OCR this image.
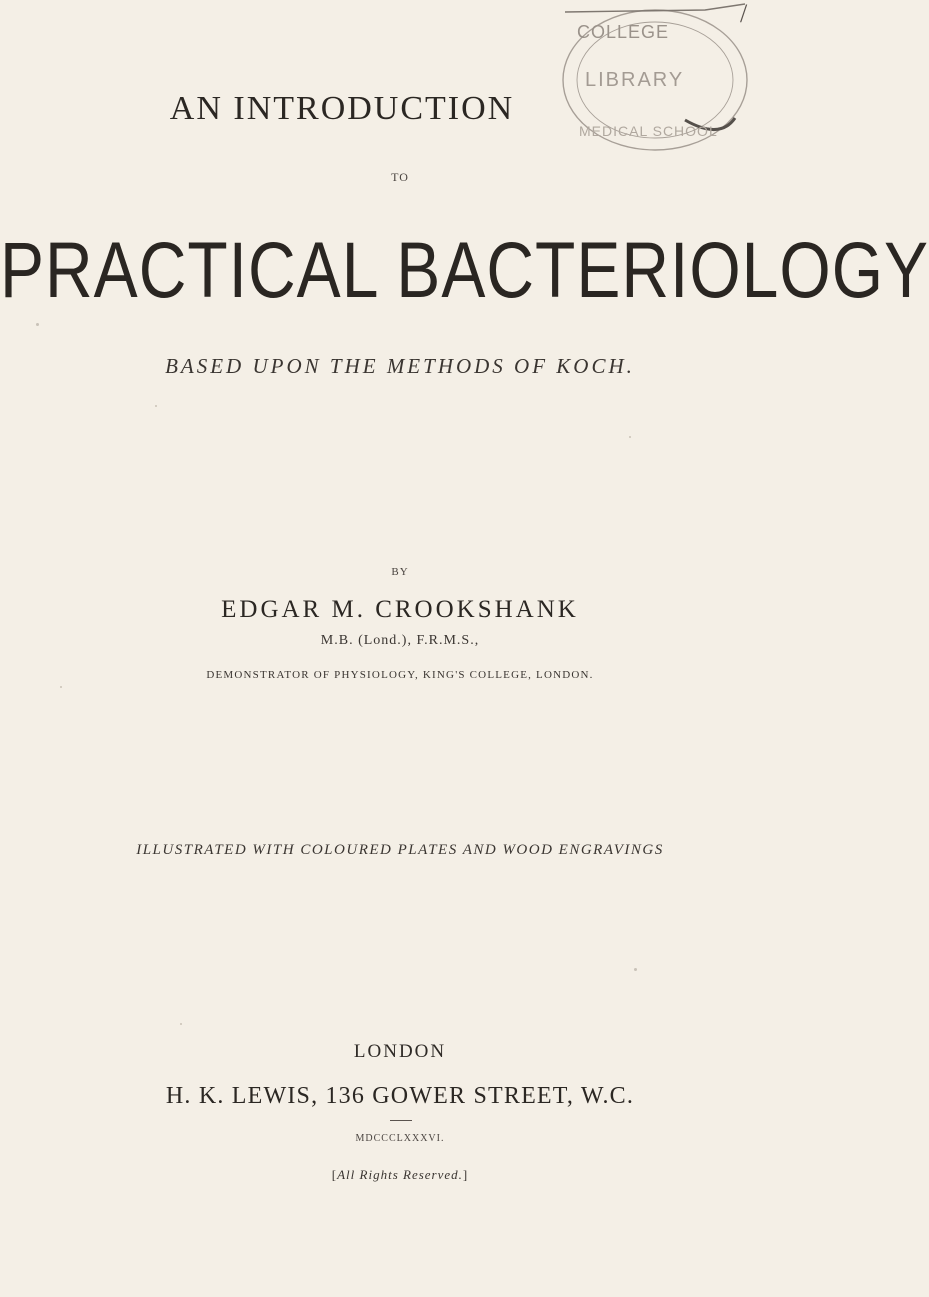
COLLEGE
LIBRARY
MEDICAL SCHOOL
/
AN INTRODUCTION
TO
PRACTICAL BACTERIOLOGY
BASED UPON THE METHODS OF KOCH.
BY
EDGAR M. CROOKSHANK
M.B. (Lond.), F.R.M.S.,
DEMONSTRATOR OF PHYSIOLOGY, KING'S COLLEGE, LONDON.
ILLUSTRATED WITH COLOURED PLATES AND WOOD ENGRAVINGS
LONDON
H. K. LEWIS, 136 GOWER STREET, W.C.
MDCCCLXXXVI.
[All Rights Reserved.]
